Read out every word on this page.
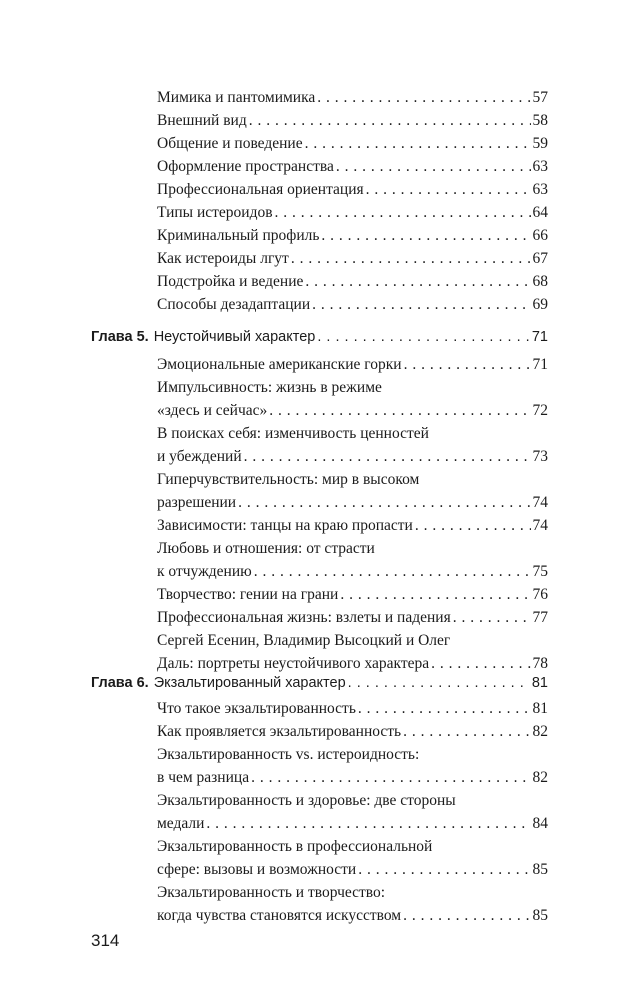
Мимика и пантомимика . . .	57
Внешний вид . . .	58
Общение и поведение . . .	59
Оформление пространства . . .	63
Профессиональная ориентация . . .	63
Типы истероидов . . .	64
Криминальный профиль . . .	66
Как истероиды лгут . . .	67
Подстройка и ведение . . .	68
Способы дезадаптации . . .	69
Глава 5. Неустойчивый характер . . .	71
Эмоциональные американские горки . . .	71
Импульсивность: жизнь в режиме
«здесь и сейчас» . . .	72
В поисках себя: изменчивость ценностей
и убеждений . . .	73
Гиперчувствительность: мир в высоком
разрешении . . .	74
Зависимости: танцы на краю пропасти . . .	74
Любовь и отношения: от страсти
к отчуждению . . .	75
Творчество: гении на грани . . .	76
Профессиональная жизнь: взлеты и падения . . .	77
Сергей Есенин, Владимир Высоцкий и Олег
Даль: портреты неустойчивого характера . . .	78
Глава 6. Экзальтированный характер . . .	81
Что такое экзальтированность . . .	81
Как проявляется экзальтированность . . .	82
Экзальтированность vs. истероидность:
в чем разница . . .	82
Экзальтированность и здоровье: две стороны
медали . . .	84
Экзальтированность в профессиональной
сфере: вызовы и возможности . . .	85
Экзальтированность и творчество:
когда чувства становятся искусством . . .	85
314
